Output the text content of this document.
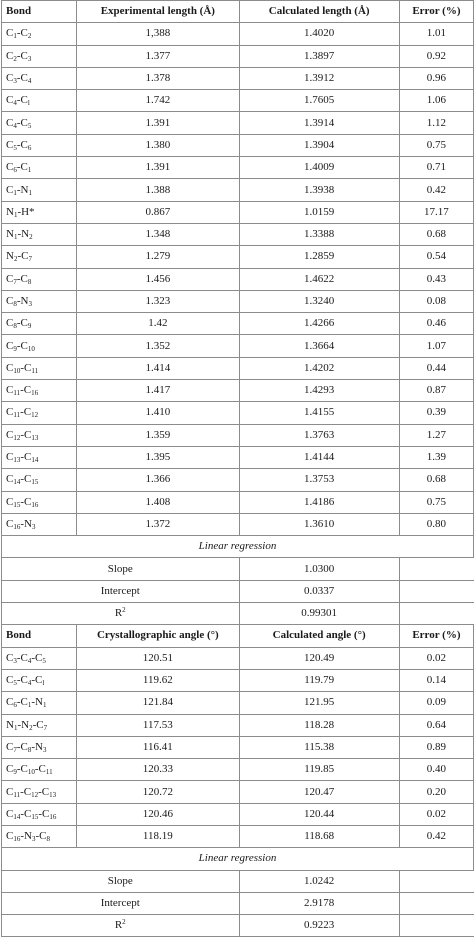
Bond	Experimental length (Å)	Calculated length (Å)	Error (%)
$C_1-C_2$	1,388	1.4020	1.01
$C_2-C_3$	1.377	1.3897	0.92
$C_3-C_4$	1.378	1.3912	0.96
$C_4-C_l$	1.742	1.7605	1.06
$C_4-C_5$	1.391	1.3914	1.12
$C_5-C_6$	1.380	1.3904	0.75
$C_6-C_1$	1.391	1.4009	0.71
$C_1-N_1$	1.388	1.3938	0.42
$N_1-H*$	0.867	1.0159	17.17
$N_1-N_2$	1.348	1.3388	0.68
$N_2-C_7$	1.279	1.2859	0.54
$C_7-C_8$	1.456	1.4622	0.43
$C_8-N_3$	1.323	1.3240	0.08
$C_8-C_9$	1.42	1.4266	0.46
$C_9-C_{10}$	1.352	1.3664	1.07
$C_{10}-C_{11}$	1.414	1.4202	0.44
$C_{11}-C_{16}$	1.417	1.4293	0.87
$C_{11}-C_{12}$	1.410	1.4155	0.39
$C_{12}-C_{13}$	1.359	1.3763	1.27
$C_{13}-C_{14}$	1.395	1.4144	1.39
$C_{14}-C_{15}$	1.366	1.3753	0.68
$C_{15}-C_{16}$	1.408	1.4186	0.75
$C_{16}-N_3$	1.372	1.3610	0.80
Linear regression			
Slope		1.0300	
Intercept		0.0337	
$R^2$		0.99301	
Bond	Crystallographic angle (°)	Calculated angle (°)	Error (%)
$C_3-C_4-C_5$	120.51	120.49	0.02
$C_5-C_4-C_l$	119.62	119.79	0.14
$C_6-C_1-N_1$	121.84	121.95	0.09
$N_1-N_2-C_7$	117.53	118.28	0.64
$C_7-C_8-N_3$	116.41	115.38	0.89
$C_9-C_{10}-C_{11}$	120.33	119.85	0.40
$C_{11}-C_{12}-C_{13}$	120.72	120.47	0.20
$C_{14}-C_{15}-C_{16}$	120.46	120.44	0.02
$C_{16}-N_3-C_8$	118.19	118.68	0.42
Linear regression			
Slope		1.0242	
Intercept		2.9178	
$R^2$		0.9223	
